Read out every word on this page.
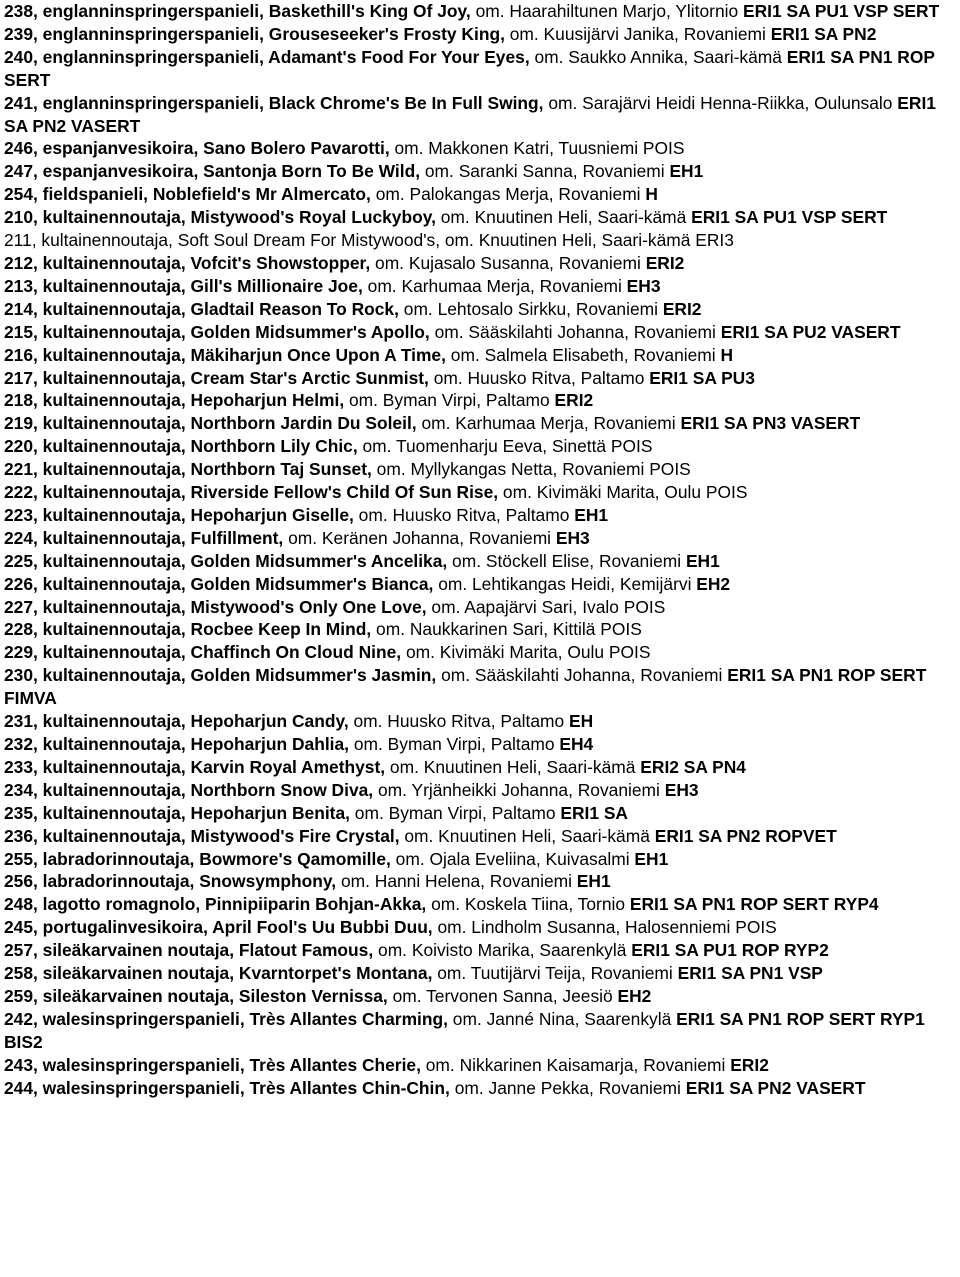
238, englanninspringerspanieli, Baskethill's King Of Joy, om. Haarahiltunen Marjo, Ylitornio ERI1 SA PU1 VSP SERT

239, englanninspringerspanieli, Grouseseeker's Frosty King, om. Kuusijärvi Janika, Rovaniemi ERI1 SA PN2

240, englanninspringerspanieli, Adamant's Food For Your Eyes, om. Saukko Annika, Saari-kämä ERI1 SA PN1 ROP SERT

241, englanninspringerspanieli, Black Chrome's Be In Full Swing, om. Sarajärvi Heidi Henna-Riikka, Oulunsalo ERI1 SA PN2 VASERT

246, espanjanvesikoira, Sano Bolero Pavarotti, om. Makkonen Katri, Tuusniemi POIS

247, espanjanvesikoira, Santonja Born To Be Wild, om. Saranki Sanna, Rovaniemi EH1

254, fieldspanieli, Noblefield's Mr Almercato, om. Palokangas Merja, Rovaniemi H

210, kultainennoutaja, Mistywood's Royal Luckyboy, om. Knuutinen Heli, Saari-kämä ERI1 SA PU1 VSP SERT

211, kultainennoutaja, Soft Soul Dream For Mistywood's, om. Knuutinen Heli, Saari-kämä ERI3

212, kultainennoutaja, Vofcit's Showstopper, om. Kujasalo Susanna, Rovaniemi ERI2

213, kultainennoutaja, Gill's Millionaire Joe, om. Karhumaa Merja, Rovaniemi EH3

214, kultainennoutaja, Gladtail Reason To Rock, om. Lehtosalo Sirkku, Rovaniemi ERI2

215, kultainennoutaja, Golden Midsummer's Apollo, om. Sääskilahti Johanna, Rovaniemi ERI1 SA PU2 VASERT

216, kultainennoutaja, Mäkiharjun Once Upon A Time, om. Salmela Elisabeth, Rovaniemi H

217, kultainennoutaja, Cream Star's Arctic Sunmist, om. Huusko Ritva, Paltamo ERI1 SA PU3

218, kultainennoutaja, Hepoharjun Helmi, om. Byman Virpi, Paltamo ERI2

219, kultainennoutaja, Northborn Jardin Du Soleil, om. Karhumaa Merja, Rovaniemi ERI1 SA PN3 VASERT

220, kultainennoutaja, Northborn Lily Chic, om. Tuomenharju Eeva, Sinettä POIS

221, kultainennoutaja, Northborn Taj Sunset, om. Myllykangas Netta, Rovaniemi POIS

222, kultainennoutaja, Riverside Fellow's Child Of Sun Rise, om. Kivimäki Marita, Oulu POIS

223, kultainennoutaja, Hepoharjun Giselle, om. Huusko Ritva, Paltamo EH1

224, kultainennoutaja, Fulfillment, om. Keränen Johanna, Rovaniemi EH3

225, kultainennoutaja, Golden Midsummer's Ancelika, om. Stöckell Elise, Rovaniemi EH1

226, kultainennoutaja, Golden Midsummer's Bianca, om. Lehtikangas Heidi, Kemijärvi EH2

227, kultainennoutaja, Mistywood's Only One Love, om. Aapajärvi Sari, Ivalo POIS

228, kultainennoutaja, Rocbee Keep In Mind, om. Naukkarinen Sari, Kittilä POIS

229, kultainennoutaja, Chaffinch On Cloud Nine, om. Kivimäki Marita, Oulu POIS

230, kultainennoutaja, Golden Midsummer's Jasmin, om. Sääskilahti Johanna, Rovaniemi ERI1 SA PN1 ROP SERT FIMVA

231, kultainennoutaja, Hepoharjun Candy, om. Huusko Ritva, Paltamo EH

232, kultainennoutaja, Hepoharjun Dahlia, om. Byman Virpi, Paltamo EH4

233, kultainennoutaja, Karvin Royal Amethyst, om. Knuutinen Heli, Saari-kämä ERI2 SA PN4

234, kultainennoutaja, Northborn Snow Diva, om. Yrjänheikki Johanna, Rovaniemi EH3

235, kultainennoutaja, Hepoharjun Benita, om. Byman Virpi, Paltamo ERI1 SA

236, kultainennoutaja, Mistywood's Fire Crystal, om. Knuutinen Heli, Saari-kämä ERI1 SA PN2 ROPVET

255, labradorinnoutaja, Bowmore's Qamomille, om. Ojala Eveliina, Kuivasalmi EH1

256, labradorinnoutaja, Snowsymphony, om. Hanni Helena, Rovaniemi EH1

248, lagotto romagnolo, Pinnipiiparin Bohjan-Akka, om. Koskela Tiina, Tornio ERI1 SA PN1 ROP SERT RYP4

245, portugalinvesikoira, April Fool's Uu Bubbi Duu, om. Lindholm Susanna, Halosenniemi POIS

257, sileäkarvainen noutaja, Flatout Famous, om. Koivisto Marika, Saarenkylä ERI1 SA PU1 ROP RYP2

258, sileäkarvainen noutaja, Kvarntorpet's Montana, om. Tuutijärvi Teija, Rovaniemi ERI1 SA PN1 VSP

259, sileäkarvainen noutaja, Sileston Vernissa, om. Tervonen Sanna, Jeesiö EH2

242, walesinspringerspanieli, Très Allantes Charming, om. Janné Nina, Saarenkylä ERI1 SA PN1 ROP SERT RYP1 BIS2

243, walesinspringerspanieli, Très Allantes Cherie, om. Nikkarinen Kaisamarja, Rovaniemi ERI2

244, walesinspringerspanieli, Très Allantes Chin-Chin, om. Janne Pekka, Rovaniemi ERI1 SA PN2 VASERT
